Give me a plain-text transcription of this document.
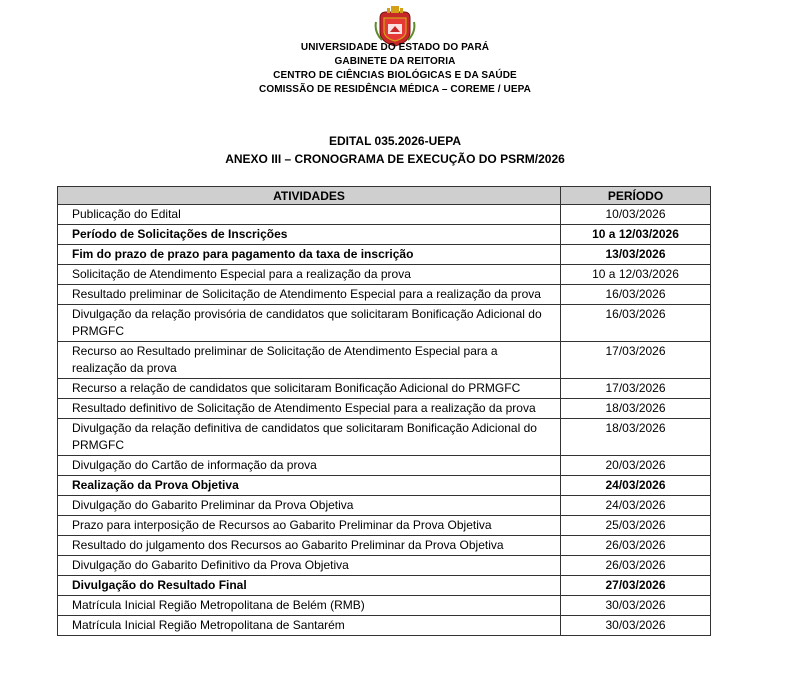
UNIVERSIDADE DO ESTADO DO PARÁ
GABINETE DA REITORIA
CENTRO DE CIÊNCIAS BIOLÓGICAS E DA SAÚDE
COMISSÃO DE RESIDÊNCIA MÉDICA – COREME / UEPA
EDITAL 035.2026-UEPA
ANEXO III – CRONOGRAMA DE EXECUÇÃO DO PSRM/2026
ATIVIDADES	PERÍODO
Publicação do Edital	10/03/2026
Período de Solicitações de Inscrições	10 a 12/03/2026
Fim do prazo de prazo para pagamento da taxa de inscrição	13/03/2026
Solicitação de Atendimento Especial para a realização da prova	10 a 12/03/2026
Resultado preliminar de Solicitação de Atendimento Especial para a realização da prova	16/03/2026
Divulgação da relação provisória de candidatos que solicitaram Bonificação Adicional do PRMGFC	16/03/2026
Recurso ao Resultado preliminar de Solicitação de Atendimento Especial para a realização da prova	17/03/2026
Recurso a relação de candidatos que solicitaram Bonificação Adicional do PRMGFC	17/03/2026
Resultado definitivo de Solicitação de Atendimento Especial para a realização da prova	18/03/2026
Divulgação da relação definitiva de candidatos que solicitaram Bonificação Adicional do PRMGFC	18/03/2026
Divulgação do Cartão de informação da prova	20/03/2026
Realização da Prova Objetiva	24/03/2026
Divulgação do Gabarito Preliminar da Prova Objetiva	24/03/2026
Prazo para interposição de Recursos ao Gabarito Preliminar da Prova Objetiva	25/03/2026
Resultado do julgamento dos Recursos ao Gabarito Preliminar da Prova Objetiva	26/03/2026
Divulgação do Gabarito Definitivo da Prova Objetiva	26/03/2026
Divulgação do Resultado Final	27/03/2026
Matrícula Inicial Região Metropolitana de Belém (RMB)	30/03/2026
Matrícula Inicial Região Metropolitana de Santarém	30/03/2026
